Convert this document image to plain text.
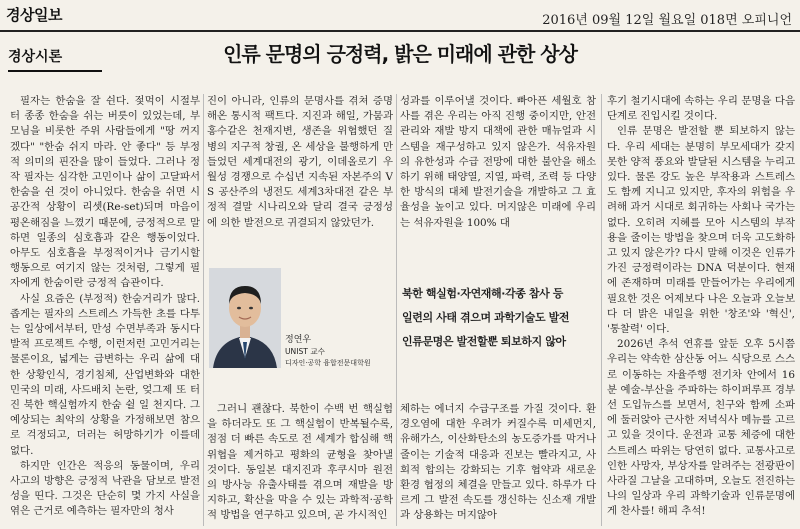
경상일보	2016년 09월 12일 월요일 018면 오피니언
경상시론	인류 문명의 긍정력, 밝은 미래에 관한 상상

필자는 한숨을 잘 쉰다. 젖먹이 시절부터 종종 한숨을 쉬는 버릇이 있었는데, 부모님을 비롯한 주위 사람들에게 "땅 꺼지겠다" "한숨 쉬지 마라. 안 좋다" 등 부정적 의미의 핀잔을 많이 들었다. 그러나 정작 필자는 심각한 고민이나 삶이 고달파서 한숨을 쉰 것이 아니었다. 한숨을 쉬면 시공간적 상황이 리셋(Re-set)되며 마음이 평온해짐을 느꼈기 때문에, 긍정적으로 말하면 일종의 심호흡과 같은 행동이었다. 아무도 심호흡을 부정적이거나 금기시할 행동으로 여기지 않는 것처럼, 그렇게 필자에게 한숨이란 긍정적 습관이다.

사실 요즘은 (부정적) 한숨거리가 많다. 좁게는 필자의 스트레스 가득한 초를 다투는 일상에서부터, 만성 수면부족과 동시다발적 프로젝트 수행, 이런저런 고민거리는 물론이요, 넓게는 급변하는 우리 삶에 대한 상황인식, 경기침체, 산업변화와 대한민국의 미래, 사드배치 논란, 엊그제 또 터진 북한 핵실험까지 한숨 쉴 일 천지다. 그 예상되는 최악의 상황을 가정해보면 참으로 걱정되고, 더러는 허망하기가 이를데 없다.

하지만 인간은 적응의 동물이며, 우리 사고의 방향은 긍정적 낙관을 담보로 발전성을 띤다. 그것은 단순히 몇 가지 사실을 엮은 근거로 예측하는 필자만의 청사

진이 아니라, 인류의 문명사를 겪쳐 증명해온 통시적 팩트다. 지진과 해일, 가뭄과 홍수같은 천재지변, 생존을 위협했던 질병의 지구적 창궐, 온 세상을 불행하게 만들었던 세계대전의 광기, 이데올로기 우월성 경쟁으로 수십년 지속된 자본주의 VS 공산주의 냉전도 세계3차대전 같은 부정적 결말 시나리오와 달리 결국 긍정성에 의한 발전으로 귀결되지 않았던가.

성과를 이루어낼 것이다. 빠아픈 세월호 참사를 겪은 우리는 아직 진행 중이지만, 안전관리와 재발 방지 대책에 관한 매뉴얼과 시스템을 재구성하고 있지 않은가. 석유자원의 유한성과 수급 전망에 대한 불안을 해소하기 위해 태양열, 지열, 파력, 조력 등 다양한 방식의 대체 발전기술을 개발하고 그 효율성을 높이고 있다. 머지않은 미래에 우리는 석유자원을 100% 대

정연우
UNIST 교수
디자인·공학 융합전문대학원
북한 핵실험·자연재해·각종 참사 등
일련의 사태 겪으며 과학기술도 발전
인류문명은 발전할뿐 퇴보하지 않아

그러니 괜찮다. 북한이 수백 번 핵실험을 하더라도 또 그 핵실험이 반복될수록, 점점 더 빠른 속도로 전 세계가 합심해 핵위협을 제거하고 평화의 균형을 찾아낼 것이다. 동일본 대지진과 후쿠시마 원전의 방사능 유출사태를 겪으며 재발을 방지하고, 확산을 막을 수 있는 과학적·공학적 방법을 연구하고 있으며, 곧 가시적인

체하는 에너지 수급구조를 가질 것이다. 환경오염에 대한 우려가 커질수록 미세먼지, 유해가스, 이산화탄소의 농도증가를 막거나 줄이는 기술적 대응과 진보는 빨라지고, 사회적 합의는 강화되는 기후 협약과 새로운 환경 협정의 체결을 만들고 있다. 하루가 다르게 그 발전 속도를 갱신하는 신소재 개발과 상용화는 머지않아

후기 철기시대에 속하는 우리 문명을 다음 단계로 진입시킬 것이다.

인류 문명은 발전할 뿐 퇴보하지 않는다. 우리 세대는 분명히 부모세대가 갖지 못한 양적 풍요와 발달된 시스템을 누리고 있다. 물론 강도 높은 부작용과 스트레스도 함께 지니고 있지만, 후자의 위험을 우려해 과거 시대로 회귀하는 사회나 국가는 없다. 오히려 지혜를 모아 시스템의 부작용을 줄이는 방법을 찾으며 더욱 고도화하고 있지 않은가? 다시 말해 이것은 인류가 가진 긍정력이라는 DNA 덕분이다. 현재에 존재하며 미래를 만들어가는 우리에게 필요한 것은 어제보다 나은 오늘과 오늘보다 더 밝은 내일을 위한 '창조'와 '혁신', '통찰력' 이다.

2026년 추석 연휴를 앞둔 오후 5시쯤 우리는 약속한 삼산동 어느 식당으로 스스로 이동하는 자율주행 전기차 안에서 16분 예술-부산을 주파하는 하이퍼루프 경부선 도입뉴스를 보면서, 친구와 함께 소파에 둘러앉아 근사한 저녁식사 메뉴를 고르고 있을 것이다. 운전과 교통 체증에 대한 스트레스 따위는 당연히 없다. 교통사고로 인한 사망자, 부상자를 알려주는 전광판이 사라질 그날을 고대하며, 오늘도 전진하는 나의 일상과 우리 과학기술과 인류문명에게 찬사를! 해피 추석!
